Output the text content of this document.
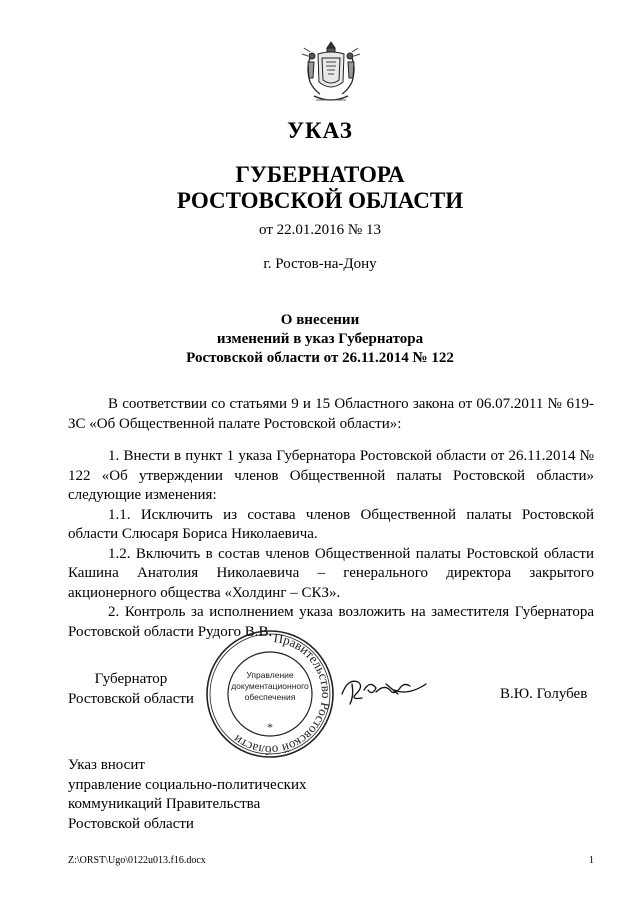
УКАЗ
ГУБЕРНАТОРА
РОСТОВСКОЙ ОБЛАСТИ
от 22.01.2016 № 13
г. Ростов-на-Дону
О внесении
изменений в указ Губернатора
Ростовской области от 26.11.2014 № 122

В соответствии со статьями 9 и 15 Областного закона от 06.07.2011 № 619-ЗС «Об Общественной палате Ростовской области»:

1. Внести в пункт 1 указа Губернатора Ростовской области от 26.11.2014 № 122 «Об утверждении членов Общественной палаты Ростовской области» следующие изменения:

1.1. Исключить из состава членов Общественной палаты Ростовской области Слюсаря Бориса Николаевича.

1.2. Включить в состав членов Общественной палаты Ростовской области Кашина Анатолия Николаевича – генерального директора закрытого акционерного общества «Холдинг – СКЗ».

2. Контроль за исполнением указа возложить на заместителя Губернатора Ростовской области Рудого В.В.

Губернатор
Ростовской области
Правительство Ростовской области
Управление
документационного
обеспечения
*
В.Ю. Голубев
Указ вносит
управление социально-политических
коммуникаций Правительства
Ростовской области
Z:\ORST\Ugo\0122u013.f16.docx	1
